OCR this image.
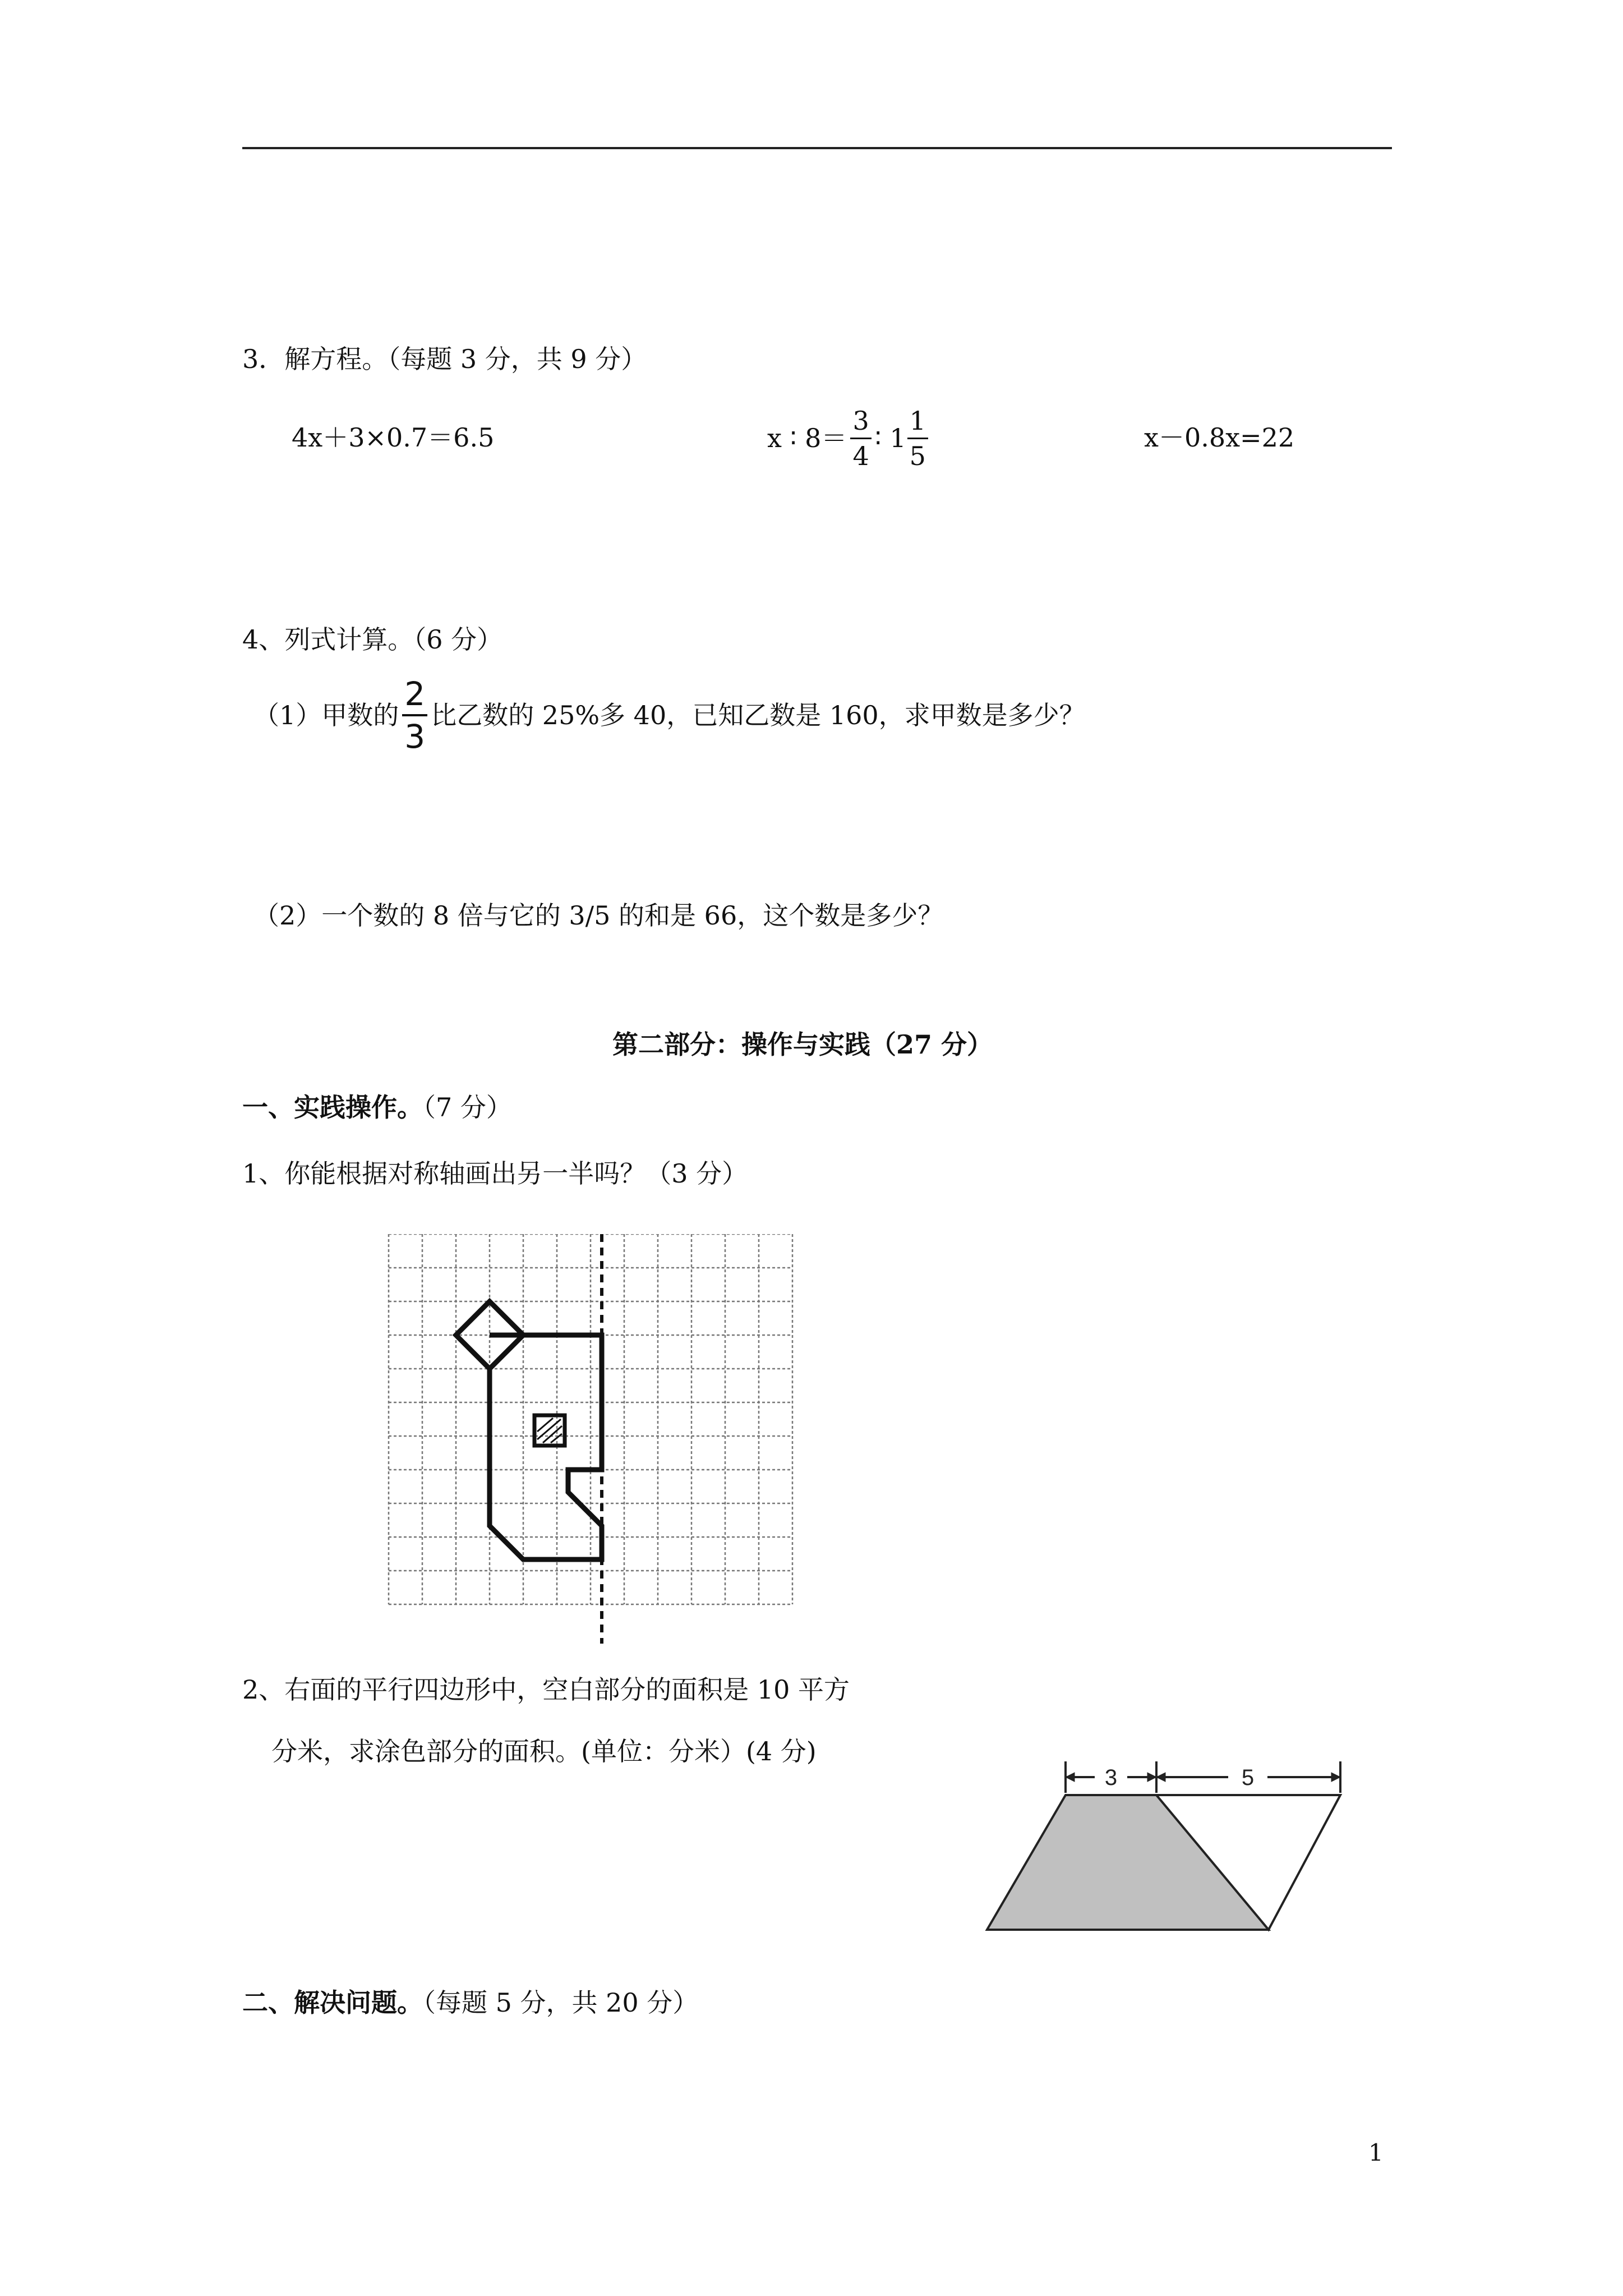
3．解方程。（每题 3 分，共 9 分）
4x＋3×0.7＝6.5	x ∶ $8= \frac{3}{4}$ ∶ $1 \frac{1}{5}$	x－0.8x=22
4、列式计算。（6 分）
（1）甲数的 $\frac{2}{3}$ 比乙数的 25%多 40，已知乙数是 160，求甲数是多少？
（2）一个数的 8 倍与它的 3/5 的和是 66，这个数是多少？
第二部分：操作与实践（27 分）
一、实践操作。（7 分）
1、你能根据对称轴画出另一半吗？（3 分）
2、右面的平行四边形中，空白部分的面积是 10 平方
分米，求涂色部分的面积。(单位：分米）(4 分)
3	5
二、解决问题。（每题 5 分，共 20 分）
1
